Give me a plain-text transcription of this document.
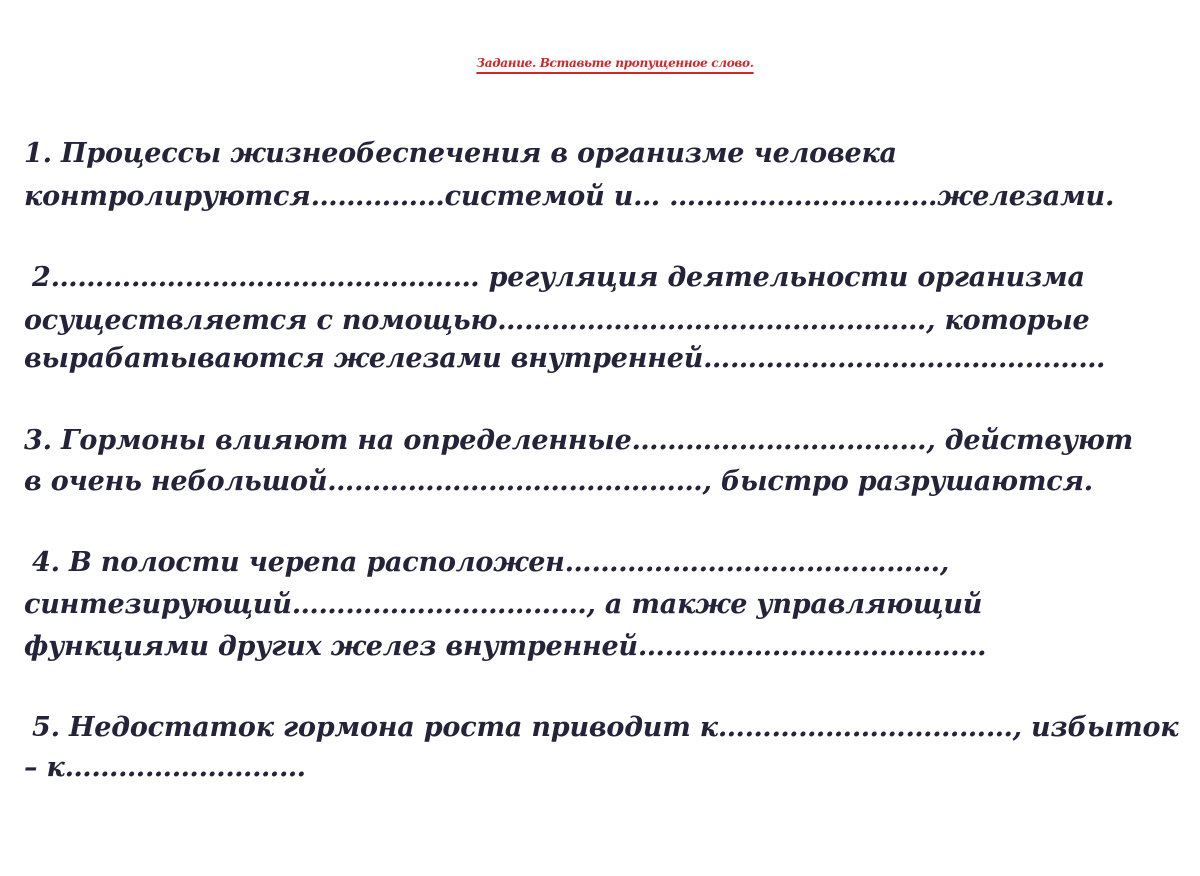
Задание. Вставьте пропущенное слово.
1. Процессы жизнеобеспечения в организме человека
контролируются……………системой и… …………………………железами.
2………………………………………… регуляция деятельности организма
осуществляется с помощью…………………………………………, которые
вырабатываются железами внутренней………………………………………
3. Гормоны влияют на определенные……………………………, действуют
в очень небольшой……………………………………, быстро разрушаются.
4. В полости черепа расположен……………………………………,
синтезирующий……………………………, а также управляющий
функциями других желез внутренней…………………………………
5. Недостаток гормона роста приводит к……………………………, избыток
– к………………………
